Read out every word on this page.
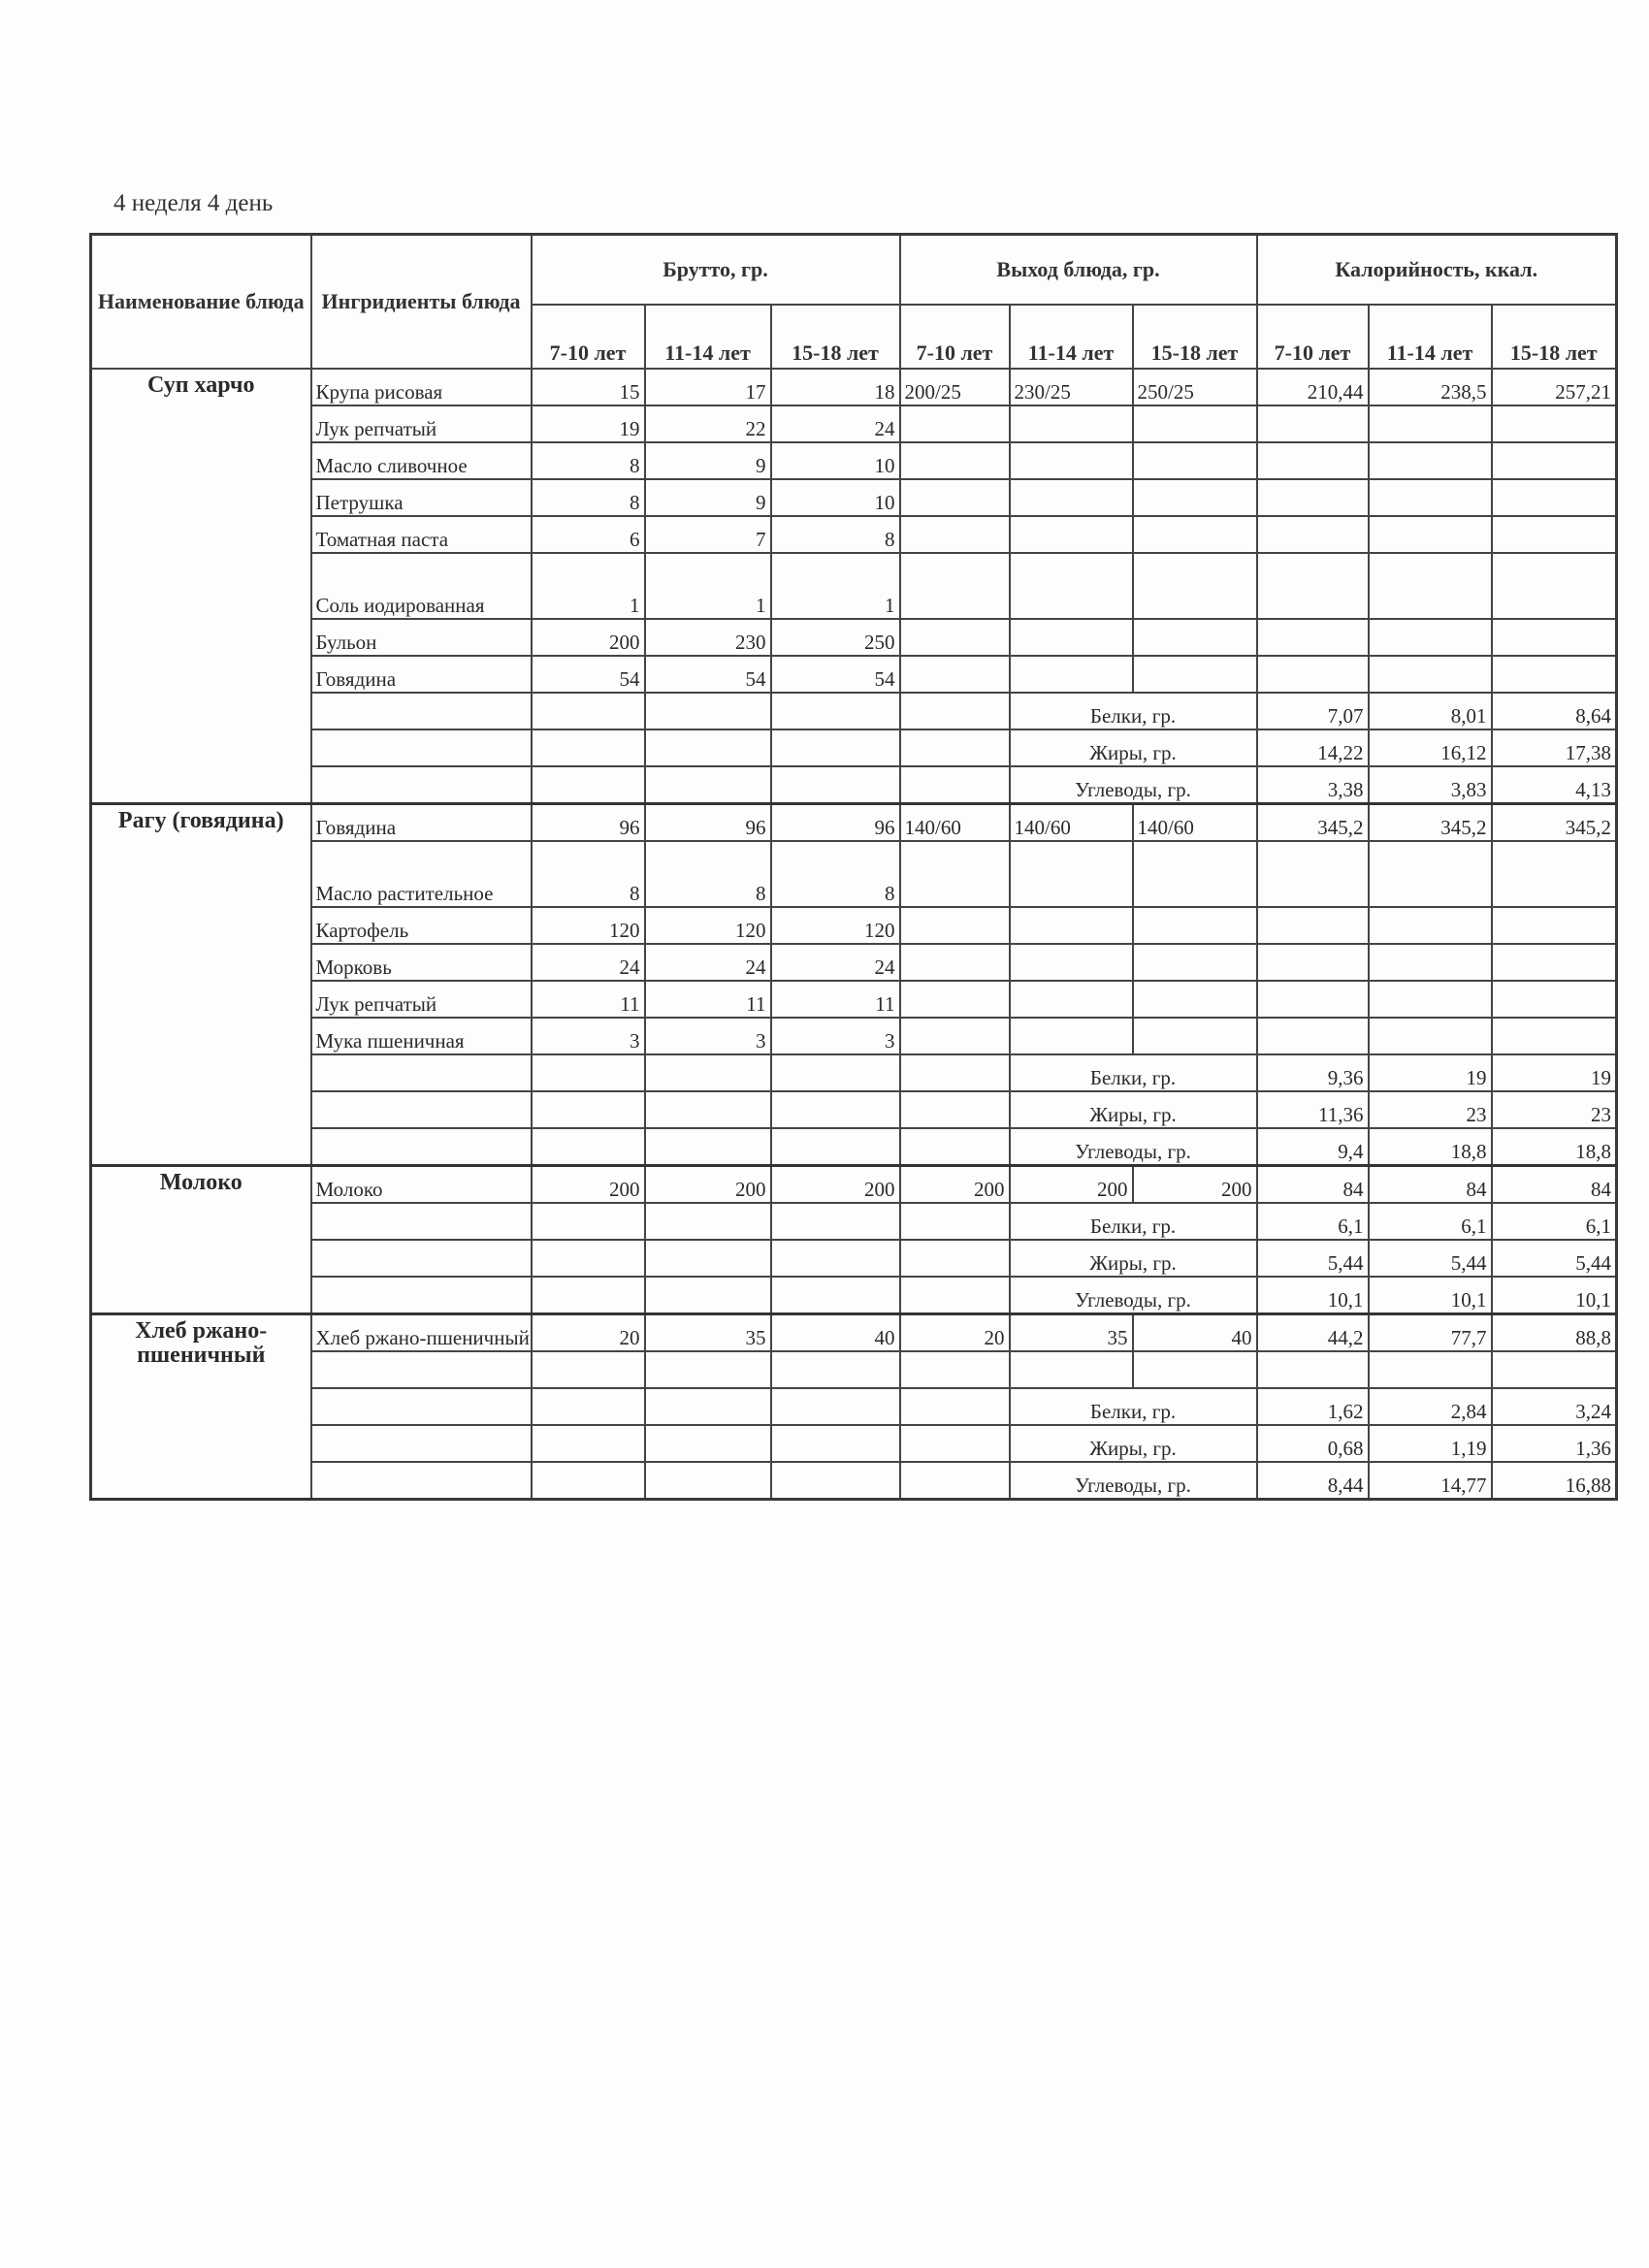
4 неделя 4 день
Наименование блюда	Ингридиенты блюда	Брутто, гр.			Выход блюда, гр.			Калорийность, ккал.		
		7-10 лет	11-14 лет	15-18 лет	7-10 лет	11-14 лет	15-18 лет	7-10 лет	11-14 лет	15-18 лет
Суп харчо	Крупа рисовая	15	17	18	200/25	230/25	250/25	210,44	238,5	257,21
	Лук репчатый	19	22	24						
	Масло сливочное	8	9	10						
	Петрушка	8	9	10						
	Томатная паста	6	7	8						
	Соль иодированная	1	1	1						
	Бульон	200	230	250						
	Говядина	54	54	54						
						Белки, гр.		7,07	8,01	8,64
						Жиры, гр.		14,22	16,12	17,38
						Углеводы, гр.		3,38	3,83	4,13
Рагу (говядина)	Говядина	96	96	96	140/60	140/60	140/60	345,2	345,2	345,2
	Масло растительное	8	8	8						
	Картофель	120	120	120						
	Морковь	24	24	24						
	Лук репчатый	11	11	11						
	Мука пшеничная	3	3	3						
						Белки, гр.		9,36	19	19
						Жиры, гр.		11,36	23	23
						Углеводы, гр.		9,4	18,8	18,8
Молоко	Молоко	200	200	200	200	200	200	84	84	84
						Белки, гр.		6,1	6,1	6,1
						Жиры, гр.		5,44	5,44	5,44
						Углеводы, гр.		10,1	10,1	10,1
Хлеб ржано-пшеничный	Хлеб ржано-пшеничный	20	35	40	20	35	40	44,2	77,7	88,8

						Белки, гр.		1,62	2,84	3,24
						Жиры, гр.		0,68	1,19	1,36
						Углеводы, гр.		8,44	14,77	16,88
